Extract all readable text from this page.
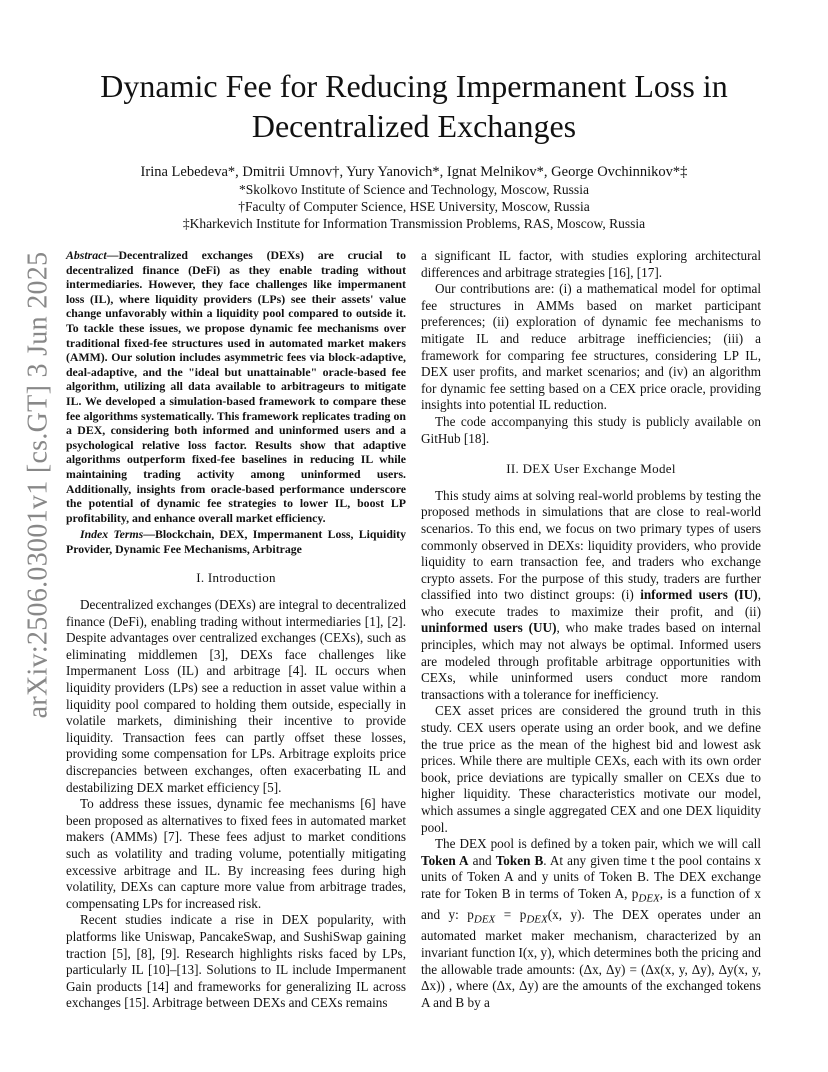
arXiv:2506.03001v1 [cs.GT] 3 Jun 2025
Dynamic Fee for Reducing Impermanent Loss in Decentralized Exchanges
Irina Lebedeva*, Dmitrii Umnov†, Yury Yanovich*, Ignat Melnikov*, George Ovchinnikov*‡
*Skolkovo Institute of Science and Technology, Moscow, Russia
†Faculty of Computer Science, HSE University, Moscow, Russia
‡Kharkevich Institute for Information Transmission Problems, RAS, Moscow, Russia

Abstract—Decentralized exchanges (DEXs) are crucial to decentralized finance (DeFi) as they enable trading without intermediaries. However, they face challenges like impermanent loss (IL), where liquidity providers (LPs) see their assets' value change unfavorably within a liquidity pool compared to outside it. To tackle these issues, we propose dynamic fee mechanisms over traditional fixed-fee structures used in automated market makers (AMM). Our solution includes asymmetric fees via block-adaptive, deal-adaptive, and the "ideal but unattainable" oracle-based fee algorithm, utilizing all data available to arbitrageurs to mitigate IL. We developed a simulation-based framework to compare these fee algorithms systematically. This framework replicates trading on a DEX, considering both informed and uninformed users and a psychological relative loss factor. Results show that adaptive algorithms outperform fixed-fee baselines in reducing IL while maintaining trading activity among uninformed users. Additionally, insights from oracle-based performance underscore the potential of dynamic fee strategies to lower IL, boost LP profitability, and enhance overall market efficiency.

Index Terms—Blockchain, DEX, Impermanent Loss, Liquidity Provider, Dynamic Fee Mechanisms, Arbitrage

I. Introduction

Decentralized exchanges (DEXs) are integral to decentralized finance (DeFi), enabling trading without intermediaries [1], [2]. Despite advantages over centralized exchanges (CEXs), such as eliminating middlemen [3], DEXs face challenges like Impermanent Loss (IL) and arbitrage [4]. IL occurs when liquidity providers (LPs) see a reduction in asset value within a liquidity pool compared to holding them outside, especially in volatile markets, diminishing their incentive to provide liquidity. Transaction fees can partly offset these losses, providing some compensation for LPs. Arbitrage exploits price discrepancies between exchanges, often exacerbating IL and destabilizing DEX market efficiency [5].

To address these issues, dynamic fee mechanisms [6] have been proposed as alternatives to fixed fees in automated market makers (AMMs) [7]. These fees adjust to market conditions such as volatility and trading volume, potentially mitigating excessive arbitrage and IL. By increasing fees during high volatility, DEXs can capture more value from arbitrage trades, compensating LPs for increased risk.

Recent studies indicate a rise in DEX popularity, with platforms like Uniswap, PancakeSwap, and SushiSwap gaining traction [5], [8], [9]. Research highlights risks faced by LPs, particularly IL [10]–[13]. Solutions to IL include Impermanent Gain products [14] and frameworks for generalizing IL across exchanges [15]. Arbitrage between DEXs and CEXs remains

a significant IL factor, with studies exploring architectural differences and arbitrage strategies [16], [17].

Our contributions are: (i) a mathematical model for optimal fee structures in AMMs based on market participant preferences; (ii) exploration of dynamic fee mechanisms to mitigate IL and reduce arbitrage inefficiencies; (iii) a framework for comparing fee structures, considering LP IL, DEX user profits, and market scenarios; and (iv) an algorithm for dynamic fee setting based on a CEX price oracle, providing insights into potential IL reduction.

The code accompanying this study is publicly available on GitHub [18].

II. DEX User Exchange Model

This study aims at solving real-world problems by testing the proposed methods in simulations that are close to real-world scenarios. To this end, we focus on two primary types of users commonly observed in DEXs: liquidity providers, who provide liquidity to earn transaction fee, and traders who exchange crypto assets. For the purpose of this study, traders are further classified into two distinct groups: (i) informed users (IU), who execute trades to maximize their profit, and (ii) uninformed users (UU), who make trades based on internal principles, which may not always be optimal. Informed users are modeled through profitable arbitrage opportunities with CEXs, while uninformed users conduct more random transactions with a tolerance for inefficiency.

CEX asset prices are considered the ground truth in this study. CEX users operate using an order book, and we define the true price as the mean of the highest bid and lowest ask prices. While there are multiple CEXs, each with its own order book, price deviations are typically smaller on CEXs due to higher liquidity. These characteristics motivate our model, which assumes a single aggregated CEX and one DEX liquidity pool.

The DEX pool is defined by a token pair, which we will call Token A and Token B. At any given time t the pool contains x units of Token A and y units of Token B. The DEX exchange rate for Token B in terms of Token A, $p_{DEX}$, is a function of x and y: $p_{DEX} = p_{DEX}(x$, y). The DEX operates under an automated market maker mechanism, characterized by an invariant function I(x, y), which determines both the pricing and the allowable trade amounts: (Δx, Δy) = (Δx(x, y, Δy), Δy(x, y, Δx)) , where (Δx, Δy) are the amounts of the exchanged tokens A and B by a
